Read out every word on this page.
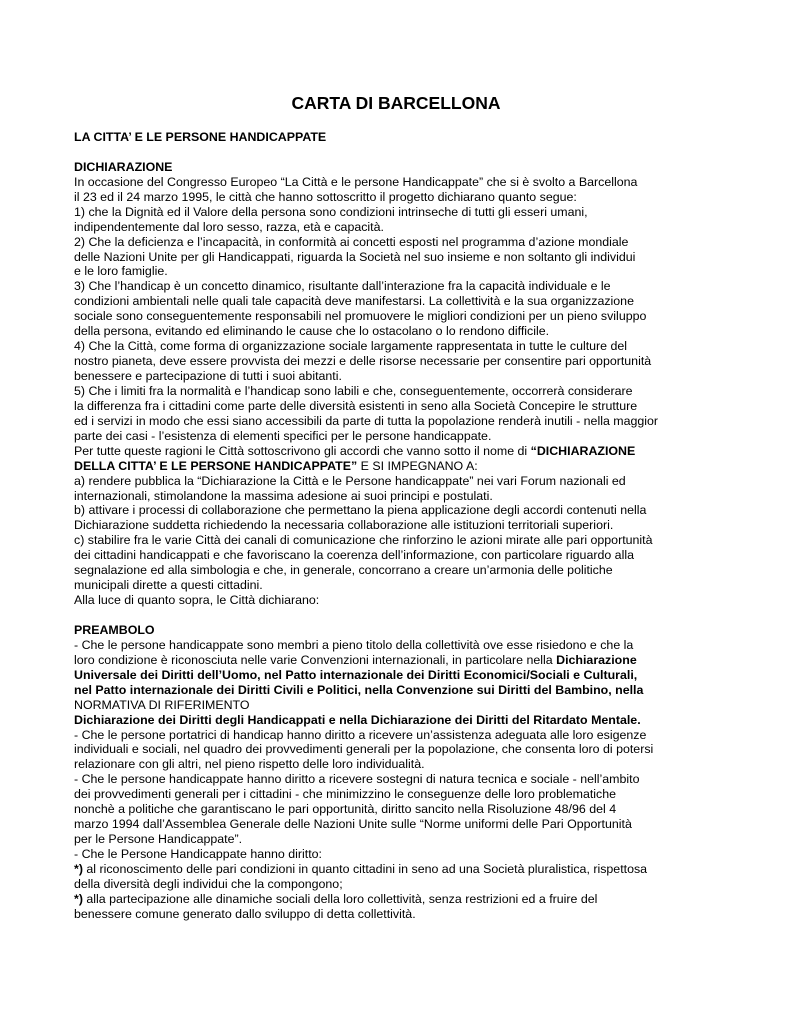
CARTA DI BARCELLONA
LA CITTA’ E LE PERSONE HANDICAPPATE
DICHIARAZIONE
In occasione del Congresso Europeo “La Città e le persone Handicappate” che si è svolto a Barcellona
il 23 ed il 24 marzo 1995, le città che hanno sottoscritto il progetto dichiarano quanto segue:
1) che la Dignità ed il Valore della persona sono condizioni intrinseche di tutti gli esseri umani,
indipendentemente dal loro sesso, razza, età e capacità.
2) Che la deficienza e l’incapacità, in conformità ai concetti esposti nel programma d’azione mondiale
delle Nazioni Unite per gli Handicappati, riguarda la Società nel suo insieme e non soltanto gli individui
e le loro famiglie.
3) Che l’handicap è un concetto dinamico, risultante dall’interazione fra la capacità individuale e le
condizioni ambientali nelle quali tale capacità deve manifestarsi. La collettività e la sua organizzazione
sociale sono conseguentemente responsabili nel promuovere le migliori condizioni per un pieno sviluppo
della persona, evitando ed eliminando le cause che lo ostacolano o lo rendono difficile.
4) Che la Città, come forma di organizzazione sociale largamente rappresentata in tutte le culture del
nostro pianeta, deve essere provvista dei mezzi e delle risorse necessarie per consentire pari opportunità
benessere e partecipazione di tutti i suoi abitanti.
5) Che i limiti fra la normalità e l’handicap sono labili e che, conseguentemente, occorrerà considerare
la differenza fra i cittadini come parte delle diversità esistenti in seno alla Società Concepire le strutture
ed i servizi in modo che essi siano accessibili da parte di tutta la popolazione renderà inutili - nella maggior
parte dei casi - l’esistenza di elementi specifici per le persone handicappate.
Per tutte queste ragioni le Città sottoscrivono gli accordi che vanno sotto il nome di “DICHIARAZIONE
DELLA CITTA’ E LE PERSONE HANDICAPPATE” E SI IMPEGNANO A:
a) rendere pubblica la “Dichiarazione la Città e le Persone handicappate” nei vari Forum nazionali ed
internazionali, stimolandone la massima adesione ai suoi principi e postulati.
b) attivare i processi di collaborazione che permettano la piena applicazione degli accordi contenuti nella
Dichiarazione suddetta richiedendo la necessaria collaborazione alle istituzioni territoriali superiori.
c) stabilire fra le varie Città dei canali di comunicazione che rinforzino le azioni mirate alle pari opportunità
dei cittadini handicappati e che favoriscano la coerenza dell’informazione, con particolare riguardo alla
segnalazione ed alla simbologia e che, in generale, concorrano a creare un’armonia delle politiche
municipali dirette a questi cittadini.
Alla luce di quanto sopra, le Città dichiarano:
PREAMBOLO
- Che le persone handicappate sono membri a pieno titolo della collettività ove esse risiedono e che la
loro condizione è riconosciuta nelle varie Convenzioni internazionali, in particolare nella Dichiarazione
Universale dei Diritti dell’Uomo, nel Patto internazionale dei Diritti Economici/Sociali e Culturali,
nel Patto internazionale dei Diritti Civili e Politici, nella Convenzione sui Diritti del Bambino, nella
NORMATIVA DI RIFERIMENTO
Dichiarazione dei Diritti degli Handicappati e nella Dichiarazione dei Diritti del Ritardato Mentale.
- Che le persone portatrici di handicap hanno diritto a ricevere un’assistenza adeguata alle loro esigenze
individuali e sociali, nel quadro dei provvedimenti generali per la popolazione, che consenta loro di potersi
relazionare con gli altri, nel pieno rispetto delle loro individualità.
- Che le persone handicappate hanno diritto a ricevere sostegni di natura tecnica e sociale - nell’ambito
dei provvedimenti generali per i cittadini - che minimizzino le conseguenze delle loro problematiche
nonchè a politiche che garantiscano le pari opportunità, diritto sancito nella Risoluzione 48/96 del 4
marzo 1994 dall’Assemblea Generale delle Nazioni Unite sulle “Norme uniformi delle Pari Opportunità
per le Persone Handicappate”.
- Che le Persone Handicappate hanno diritto:
*) al riconoscimento delle pari condizioni in quanto cittadini in seno ad una Società pluralistica, rispettosa
della diversità degli individui che la compongono;
*) alla partecipazione alle dinamiche sociali della loro collettività, senza restrizioni ed a fruire del
benessere comune generato dallo sviluppo di detta collettività.
